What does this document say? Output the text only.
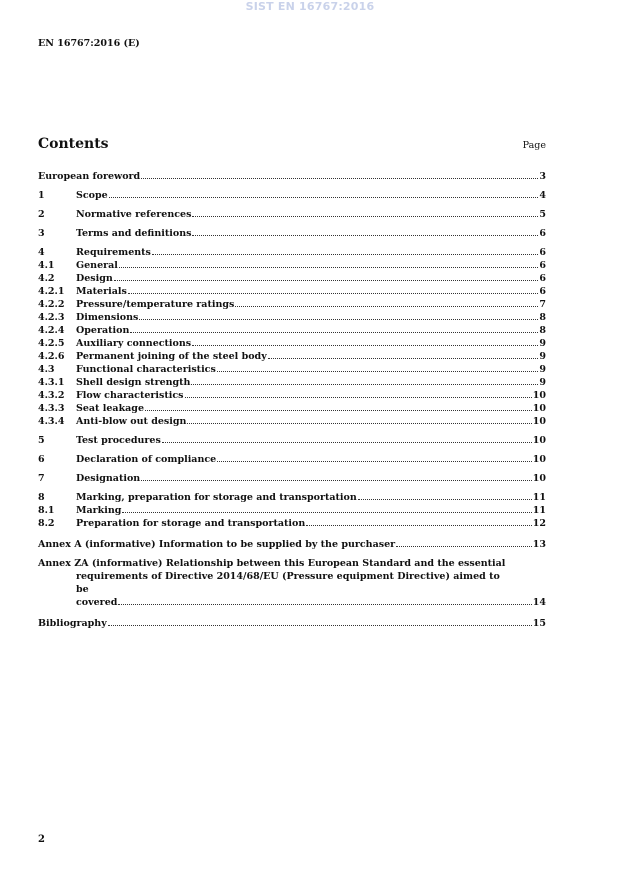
SIST EN 16767:2016
EN 16767:2016 (E)
Contents	Page
European foreword	3
1	Scope	4
2	Normative references	5
3	Terms and definitions	6
4	Requirements	6
4.1	General	6
4.2	Design	6
4.2.1	Materials	6
4.2.2	Pressure/temperature ratings	7
4.2.3	Dimensions	8
4.2.4	Operation	8
4.2.5	Auxiliary connections	9
4.2.6	Permanent joining of the steel body	9
4.3	Functional characteristics	9
4.3.1	Shell design strength	9
4.3.2	Flow characteristics	10
4.3.3	Seat leakage	10
4.3.4	Anti-blow out design	10
5	Test procedures	10
6	Declaration of compliance	10
7	Designation	10
8	Marking, preparation for storage and transportation	11
8.1	Marking	11
8.2	Preparation for storage and transportation	12
Annex A (informative) Information to be supplied by the purchaser	13
Annex ZA (informative) Relationship between this European Standard and the essential
requirements of Directive 2014/68/EU (Pressure equipment Directive) aimed to be
covered	14
Bibliography	15
2
